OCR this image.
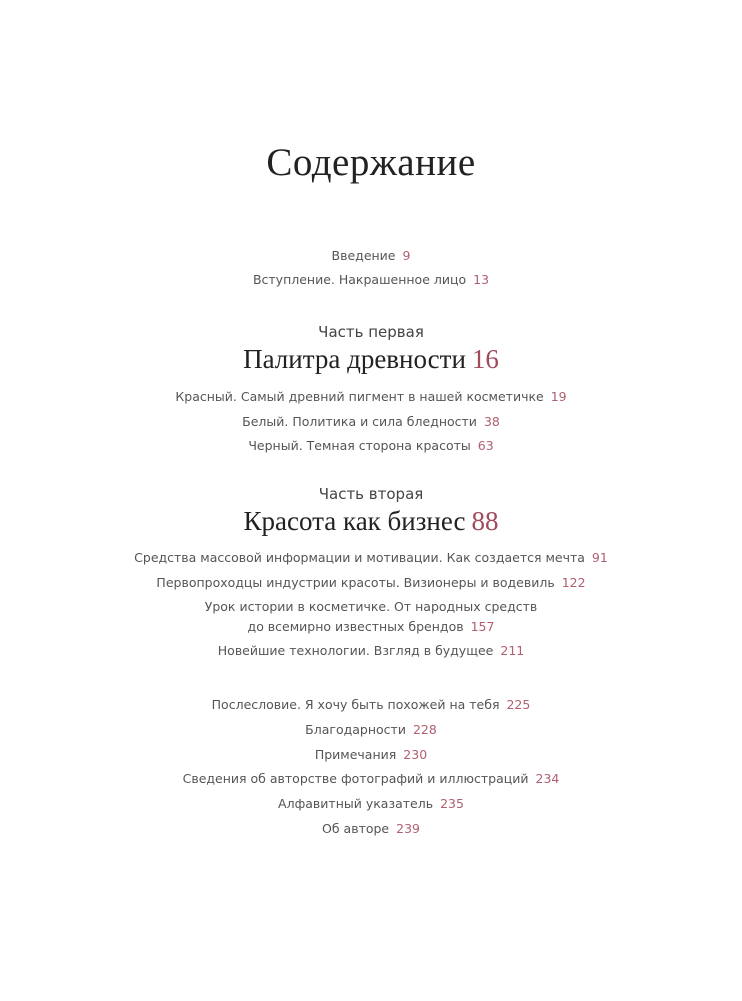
Содержание
Введение 9
Вступление. Накрашенное лицо 13
Часть первая
Палитра древности 16
Красный. Самый древний пигмент в нашей косметичке 19
Белый. Политика и сила бледности 38
Черный. Темная сторона красоты 63
Часть вторая
Красота как бизнес 88
Средства массовой информации и мотивации. Как создается мечта 91
Первопроходцы индустрии красоты. Визионеры и водевиль 122
Урок истории в косметичке. От народных средств
до всемирно известных брендов 157
Новейшие технологии. Взгляд в будущее 211
Послесловие. Я хочу быть похожей на тебя 225
Благодарности 228
Примечания 230
Сведения об авторстве фотографий и иллюстраций 234
Алфавитный указатель 235
Об авторе 239
